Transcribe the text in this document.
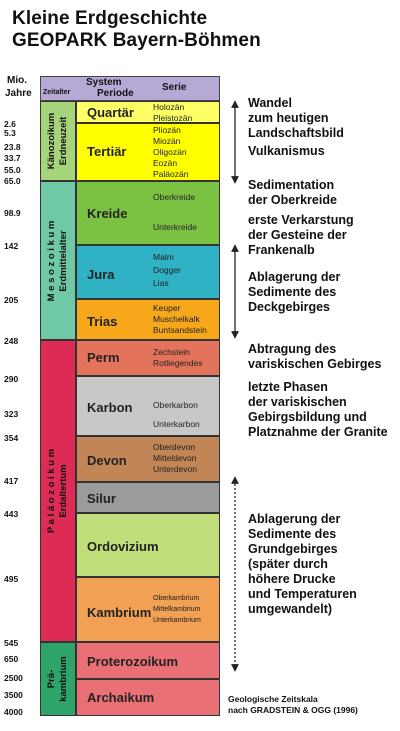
Kleine Erdgeschichte
GEOPARK Bayern-Böhmen
Mio.
Jahre Zeitalter
System
Periode
Serie
2.6
5.3
23.8
33.7
55.0
65.0
98.9
142
205
248
290
323
354
417
443
495
545
650
2500
3500
4000
Känozoikum
Erdneuzeit
M e s o z o i k u m
Erdmittelalter
P a l ä o z o i k u m
Erdaltertum
Prä-
kambrium
Quartär Holozän
Pleistozän
Tertiär
Pliozän
Miozän
Oligozän
Eozän
Paläozän
Kreide
Oberkreide
Unterkreide
Jura
Malm
Dogger
Lias
Trias
Keuper
Muschelkalk
Buntsandstein
Perm	Zechstein
Rotliegendes
Karbon Oberkarbon
Unterkarbon
Devon
Oberdevon
Mitteldevon
Unterdevon
Silur
Ordovizium
Kambrium
Oberkambrium
Mittelkambrium
Unterkambrium
Proterozoikum
Archaikum
Wandel
zum heutigen
Landschaftsbild
Vulkanismus
Sedimentation
der Oberkreide
erste Verkarstung
der Gesteine der
Frankenalb
Ablagerung der
Sedimente des
Deckgebirges
Abtragung des
variskischen Gebirges
letzte Phasen
der variskischen
Gebirgsbildung und
Platznahme der Granite
Ablagerung der
Sedimente des
Grundgebirges
(später durch
höhere Drucke
und Temperaturen
umgewandelt)
Geologische Zeitskala
nach GRADSTEIN & OGG (1996)
